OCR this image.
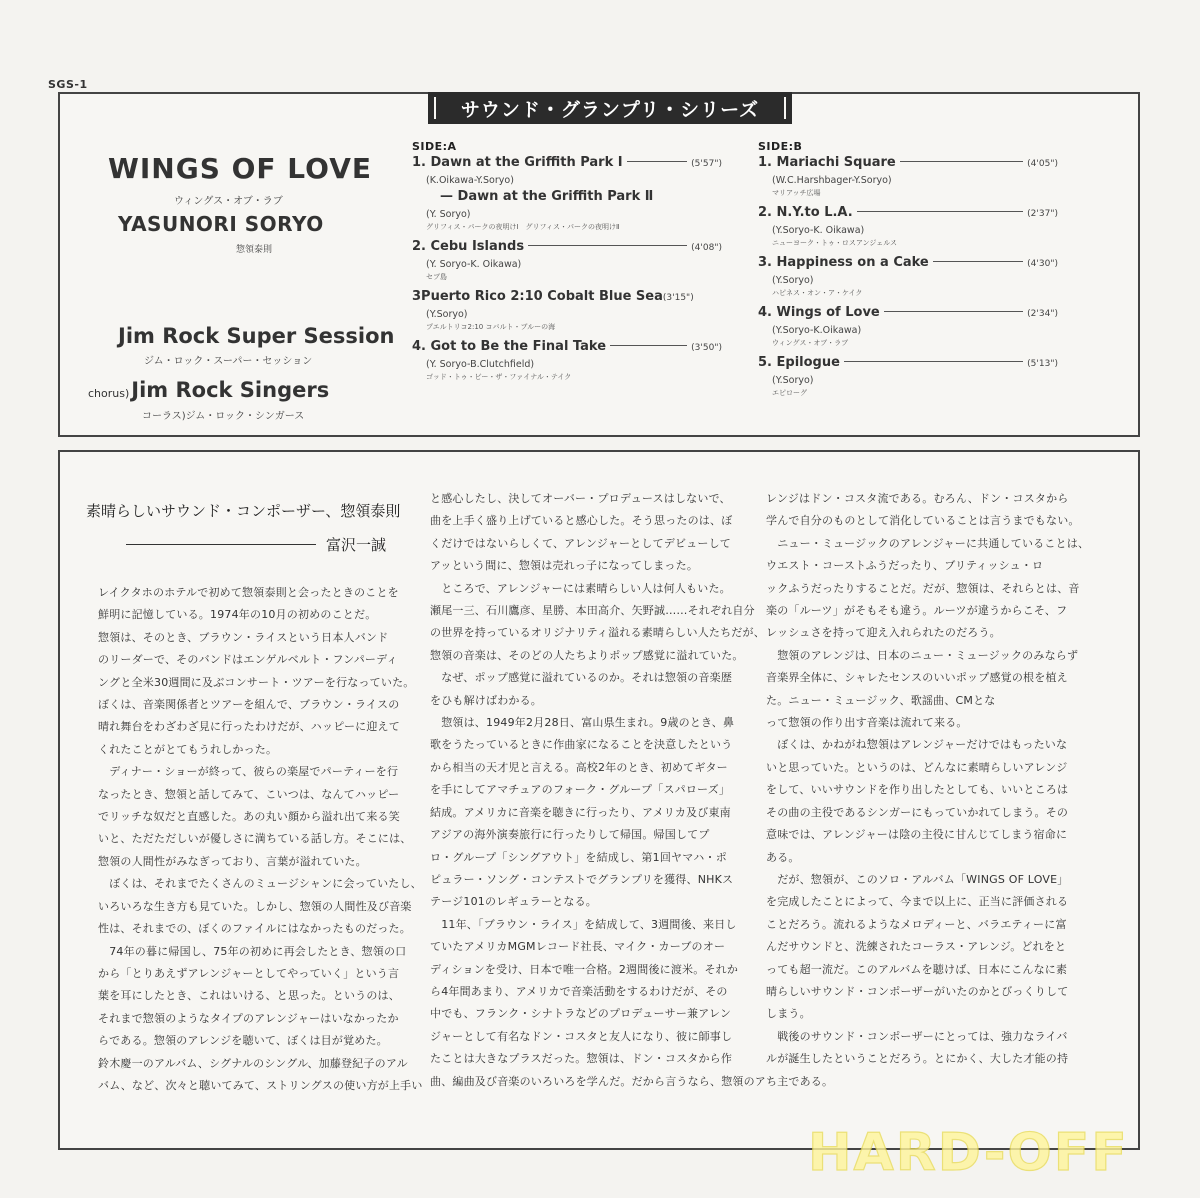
SGS-1
サウンド・グランプリ・シリーズ
WINGS OF LOVE
ウィングス・オブ・ラブ
YASUNORI SORYO
惣領泰則
Jim Rock Super Session
ジム・ロック・スーパー・セッション
chorus)Jim Rock Singers
コーラス)ジム・ロック・シンガース
SIDE:A
1. Dawn at the Griffith Park Ⅰ	(5'57")
(K.Oikawa-Y.Soryo)
— Dawn at the Griffith Park Ⅱ
(Y. Soryo)
グリフィス・パークの夜明けⅠ　グリフィス・パークの夜明けⅡ
2. Cebu Islands	(4'08")
(Y. Soryo-K. Oikawa)
セブ島
3Puerto Rico 2:10 Cobalt Blue Sea (3'15")
(Y.Soryo)
プエルトリコ2:10 コバルト・ブルーの海
4. Got to Be the Final Take	(3'50")
(Y. Soryo-B.Clutchfield)
ゴッド・トゥ・ビー・ザ・ファイナル・テイク
SIDE:B
1. Mariachi Square	(4'05")
(W.C.Harshbager-Y.Soryo)
マリアッチ広場
2. N.Y.to L.A.	(2'37")
(Y.Soryo-K. Oikawa)
ニューヨーク・トゥ・ロスアンジェルス
3. Happiness on a Cake	(4'30")
(Y.Soryo)
ハピネス・オン・ア・ケイク
4. Wings of Love	(2'34")
(Y.Soryo-K.Oikawa)
ウィングス・オブ・ラブ
5. Epilogue	(5'13")
(Y.Soryo)
エピローグ
素晴らしいサウンド・コンポーザー、惣領泰則
富沢一誠
レイクタホのホテルで初めて惣領泰則と会ったときのことを
鮮明に記憶している。1974年の10月の初めのことだ。
惣領は、そのとき、ブラウン・ライスという日本人バンド
のリーダーで、そのバンドはエンゲルベルト・フンパーディ
ングと全米30週間に及ぶコンサート・ツアーを行なっていた。
ぼくは、音楽関係者とツアーを組んで、ブラウン・ライスの
晴れ舞台をわざわざ見に行ったわけだが、ハッピーに迎えて
くれたことがとてもうれしかった。
　ディナー・ショーが終って、彼らの楽屋でパーティーを行
なったとき、惣領と話してみて、こいつは、なんてハッピー
でリッチな奴だと直感した。あの丸い顔から溢れ出て来る笑
いと、ただただしいが優しさに満ちている話し方。そこには、
惣領の人間性がみなぎっており、言葉が溢れていた。
　ぼくは、それまでたくさんのミュージシャンに会っていたし、
いろいろな生き方も見ていた。しかし、惣領の人間性及び音楽
性は、それまでの、ぼくのファイルにはなかったものだった。
　74年の暮に帰国し、75年の初めに再会したとき、惣領の口
から「とりあえずアレンジャーとしてやっていく」という言
葉を耳にしたとき、これはいける、と思った。というのは、
それまで惣領のようなタイプのアレンジャーはいなかったか
らである。惣領のアレンジを聴いて、ぼくは目が覚めた。
鈴木慶一のアルバム、シグナルのシングル、加藤登紀子のアル
バム、など、次々と聴いてみて、ストリングスの使い方が上手い
と感心したし、決してオーバー・プロデュースはしないで、
曲を上手く盛り上げていると感心した。そう思ったのは、ぼ
くだけではないらしくて、アレンジャーとしてデビューして
アッという間に、惣領は売れっ子になってしまった。
　ところで、アレンジャーには素晴らしい人は何人もいた。
瀬尾一三、石川鷹彦、星勝、本田高介、矢野誠……それぞれ自分
の世界を持っているオリジナリティ溢れる素晴らしい人たちだが、
惣領の音楽は、そのどの人たちよりポップ感覚に溢れていた。
　なぜ、ポップ感覚に溢れているのか。それは惣領の音楽歴
をひも解けばわかる。
　惣領は、1949年2月28日、富山県生まれ。9歳のとき、鼻
歌をうたっているときに作曲家になることを決意したという
から相当の天才児と言える。高校2年のとき、初めてギター
を手にしてアマチュアのフォーク・グループ「スパローズ」
結成。アメリカに音楽を聴きに行ったり、アメリカ及び東南
アジアの海外演奏旅行に行ったりして帰国。帰国してプ
ロ・グループ「シングアウト」を結成し、第1回ヤマハ・ポ
ピュラー・ソング・コンテストでグランプリを獲得、NHKス
テージ101のレギュラーとなる。
　11年、「ブラウン・ライス」を結成して、3週間後、来日し
ていたアメリカMGMレコード社長、マイク・カーブのオー
ディションを受け、日本で唯一合格。2週間後に渡米。それか
ら4年間あまり、アメリカで音楽活動をするわけだが、その
中でも、フランク・シナトラなどのプロデューサー兼アレン
ジャーとして有名なドン・コスタと友人になり、彼に師事し
たことは大きなプラスだった。惣領は、ドン・コスタから作
曲、編曲及び音楽のいろいろを学んだ。だから言うなら、惣領のア
レンジはドン・コスタ流である。むろん、ドン・コスタから
学んで自分のものとして消化していることは言うまでもない。
　ニュー・ミュージックのアレンジャーに共通していることは、
ウエスト・コーストふうだったり、ブリティッシュ・ロ
ックふうだったりすることだ。だが、惣領は、それらとは、音
楽の「ルーツ」がそもそも違う。ルーツが違うからこそ、フ
レッシュさを持って迎え入れられたのだろう。
　惣領のアレンジは、日本のニュー・ミュージックのみならず
音楽界全体に、シャレたセンスのいいポップ感覚の根を植え
た。ニュー・ミュージック、歌謡曲、CMとな
って惣領の作り出す音楽は流れて来る。
　ぼくは、かねがね惣領はアレンジャーだけではもったいな
いと思っていた。というのは、どんなに素晴らしいアレンジ
をして、いいサウンドを作り出したとしても、いいところは
その曲の主役であるシンガーにもっていかれてしまう。その
意味では、アレンジャーは陰の主役に甘んじてしまう宿命に
ある。
　だが、惣領が、このソロ・アルバム「WINGS OF LOVE」
を完成したことによって、今まで以上に、正当に評価される
ことだろう。流れるようなメロディーと、バラエティーに富
んだサウンドと、洗練されたコーラス・アレンジ。どれをと
っても超一流だ。このアルバムを聴けば、日本にこんなに素
晴らしいサウンド・コンポーザーがいたのかとびっくりして
しまう。
　戦後のサウンド・コンポーザーにとっては、強力なライバ
ルが誕生したということだろう。とにかく、大した才能の持
ち主である。
HARD-OFF
